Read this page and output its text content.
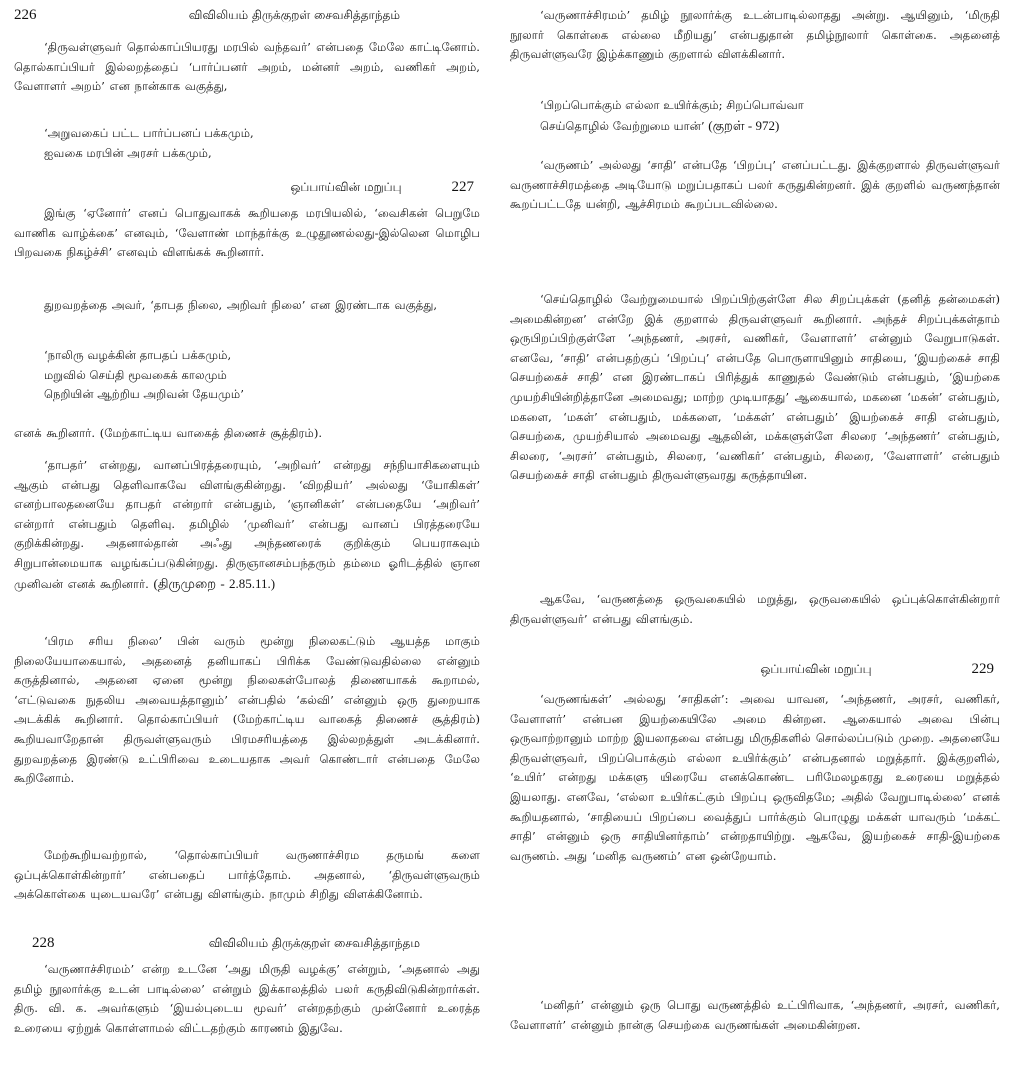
226	விவிலியம் திருக்குறள் சைவசித்தாந்தம்

‘திருவள்ளுவர் தொல்காப்பியரது மரபில் வந்தவர்’ என்பதை மேலே காட்டினோம். தொல்காப்பியர் இல்லறத்தைப் ‘பார்ப்பனர் அறம், மன்னர் அறம், வணிகர் அறம், வேளாளர் அறம்’ என நான்காக வகுத்து,

‘அறுவகைப் பட்ட பார்ப்பனப் பக்கமும்,
ஐவகை மரபின் அரசர் பக்கமும்,
ஒப்பாய்வின் மறுப்பு	227

இங்கு ‘ஏனோர்’ எனப் பொதுவாகக் கூறியதை மரபியலில், ‘வைசிகன் பெறுமே வாணிக வாழ்க்கை’ எனவும், ‘வேளாண் மாந்தர்க்கு உழுதூணல்லது-இல்லென மொழிப பிறவகை நிகழ்ச்சி’ எனவும் விளங்கக் கூறினார்.

துறவறத்தை அவர், ‘தாபத நிலை, அறிவர் நிலை’ என இரண்டாக வகுத்து,

‘நாலிரு வழக்கின் தாபதப் பக்கமும்,
மறுவில் செய்தி மூவகைக் காலமும்
நெறியின் ஆற்றிய அறிவன் தேயமும்’

எனக் கூறினார். (மேற்காட்டிய வாகைத் திணைச் சூத்திரம்).

‘தாபதர்’ என்றது, வானப்பிரத்தரையும், ‘அறிவர்’ என்றது சந்நியாசிகளையும் ஆகும் என்பது தெளிவாகவே விளங்குகின்றது. ‘விறதியர்’ அல்லது ‘யோகிகள்’ எனற்பாலதனையே தாபதர் என்றார் என்பதும், ‘ஞானிகள்’ என்பதையே ‘அறிவர்’ என்றார் என்பதும் தெளிவு. தமிழில் ‘முனிவர்’ என்பது வானப் பிரத்தரையே குறிக்கின்றது. அதனால்தான் அஃது அந்தணரைக் குறிக்கும் பெயராகவும் சிறுபான்மையாக வழங்கப்படுகின்றது. திருஞானசம்பந்தரும் தம்மை ஓரிடத்தில் ஞான முனிவன் எனக் கூறினார். (திருமுறை - 2.85.11.)

‘பிரம சரிய நிலை’ பின் வரும் மூன்று நிலைகட்டும் ஆயத்த மாகும் நிலையேயாகையால், அதனைத் தனியாகப் பிரிக்க வேண்டுவதில்லை என்னும் கருத்தினால், அதனை ஏனை மூன்று நிலைகள்போலத் திணையாகக் கூறாமல், ‘எட்டுவகை நுதலிய அவையத்தானும்’ என்பதில் ‘கல்வி’ என்னும் ஒரு துறையாக அடக்கிக் கூறினார். தொல்காப்பியர் (மேற்காட்டிய வாகைத் திணைச் சூத்திரம்) கூறியவாறேதான் திருவள்ளுவரும் பிரமசரியத்தை இல்லறத்துள் அடக்கினார். துறவறத்தை இரண்டு உட்பிரிவை உடையதாக அவர் கொண்டார் என்பதை மேலே கூறினோம்.

மேற்கூறியவற்றால், ‘தொல்காப்பியர் வருணாச்சிரம தருமங் களை ஒப்புக்கொள்கின்றார்’ என்பதைப் பார்த்தோம். அதனால், ‘திருவள்ளுவரும் அக்கொள்கை யுடையவரே’ என்பது விளங்கும். நாமும் சிறிது விளக்கினோம்.

228	விவிலியம் திருக்குறள் சைவசித்தாந்தம

‘வருணாச்சிரமம்’ என்ற உடனே ‘அது மிருதி வழக்கு’ என்றும், ‘அதனால் அது தமிழ் நூலார்க்கு உடன் பாடில்லை’ என்றும் இக்காலத்தில் பலர் கருதிவிடுகின்றார்கள். திரு. வி. க. அவர்களும் ‘இயல்புடைய மூவர்’ என்றதற்கும் முன்னோர் உரைத்த உரையை ஏற்றுக் கொள்ளாமல் விட்டதற்கும் காரணம் இதுவே.

‘வருணாச்சிரமம்’ தமிழ் நூலார்க்கு உடன்பாடில்லாதது அன்று. ஆயினும், ‘மிருதி நூலார் கொள்கை எல்லை மீறியது’ என்பதுதான் தமிழ்நூலார் கொள்கை. அதனைத் திருவள்ளுவரே இழ்க்காணும் குறளால் விளக்கினார்.

‘பிறப்பொக்கும் எல்லா உயிர்க்கும்; சிறப்பொவ்வா
செய்தொழில் வேற்றுமை யான்’ (குறள் - 972)

‘வருணம்’ அல்லது ‘சாதி’ என்பதே ‘பிறப்பு’ எனப்பட்டது. இக்குறளால் திருவள்ளுவர் வருணாச்சிரமத்தை அடியோடு மறுப்பதாகப் பலர் கருதுகின்றனர். இக் குறளில் வருணந்தான் கூறப்பட்டதே யன்றி, ஆச்சிரமம் கூறப்படவில்லை.

‘செய்தொழில் வேற்றுமையால் பிறப்பிற்குள்ளே சில சிறப்புக்கள் (தனித் தன்மைகள்) அமைகின்றன’ என்றே இக் குறளால் திருவள்ளுவர் கூறினார். அந்தச் சிறப்புக்கள்தாம் ஒருபிறப்பிற்குள்ளே ‘அந்தணர், அரசர், வணிகர், வேளாளர்’ என்னும் வேறுபாடுகள். எனவே, ‘சாதி’ என்பதற்குப் ‘பிறப்பு’ என்பதே பொருளாயினும் சாதியை, ‘இயற்கைச் சாதி செயற்கைச் சாதி’ என இரண்டாகப் பிரித்துக் காணுதல் வேண்டும் என்பதும், ‘இயற்கை முயற்சியின்றித்தானே அமைவது; மாற்ற முடியாதது’ ஆகையால், மகனை ‘மகன்’ என்பதும், மகளை, ‘மகள்’ என்பதும், மக்களை, ‘மக்கள்’ என்பதும்’ இயற்கைச் சாதி என்பதும், செயற்கை, முயற்சியால் அமைவது ஆதலின், மக்களுள்ளே சிலரை ‘அந்தணர்’ என்பதும், சிலரை, ‘அரசர்’ என்பதும், சிலரை, ‘வணிகர்’ என்பதும், சிலரை, ‘வேளாளர்’ என்பதும் செயற்கைச் சாதி என்பதும் திருவள்ளுவரது கருத்தாயின.

ஆகவே, ‘வருணத்தை ஒருவகையில் மறுத்து, ஒருவகையில் ஒப்புக்கொள்கின்றார் திருவள்ளுவர்’ என்பது விளங்கும்.

ஒப்பாய்வின் மறுப்பு	229

‘வருணங்கள்’ அல்லது ‘சாதிகள்’: அவை யாவன, ‘அந்தணர், அரசர், வணிகர், வேளாளர்’ என்பன இயற்கையிலே அமை கின்றன. ஆகையால் அவை பின்பு ஒருவாற்றானும் மாற்ற இயலாதவை என்பது மிருதிகளில் சொல்லப்படும் முறை. அதனையே திருவள்ளுவர், பிறப்பொக்கும் எல்லா உயிர்க்கும்’ என்பதனால் மறுத்தார். இக்குறளில், ‘உயிர்’ என்றது மக்களு யிரையே எனக்கொண்ட பரிமேலழகரது உரையை மறுத்தல் இயலாது. எனவே, ‘எல்லா உயிர்கட்கும் பிறப்பு ஒருவிதமே; அதில் வேறுபாடில்லை’ எனக் கூறியதனால், ‘சாதியைப் பிறப்பை வைத்துப் பார்க்கும் பொழுது மக்கள் யாவரும் ‘மக்கட் சாதி’ என்னும் ஒரு சாதியினர்தாம்’ என்றதாயிற்று. ஆகவே, இயற்கைச் சாதி-இயற்கை வருணம். அது ‘மனித வருணம்’ என ஒன்றேயாம்.

‘மனிதர்’ என்னும் ஒரு பொது வருணத்தில் உட்பிரிவாக, ‘அந்தணர், அரசர், வணிகர், வேளாளர்’ என்னும் நான்கு செயற்கை வருணங்கள் அமைகின்றன.
